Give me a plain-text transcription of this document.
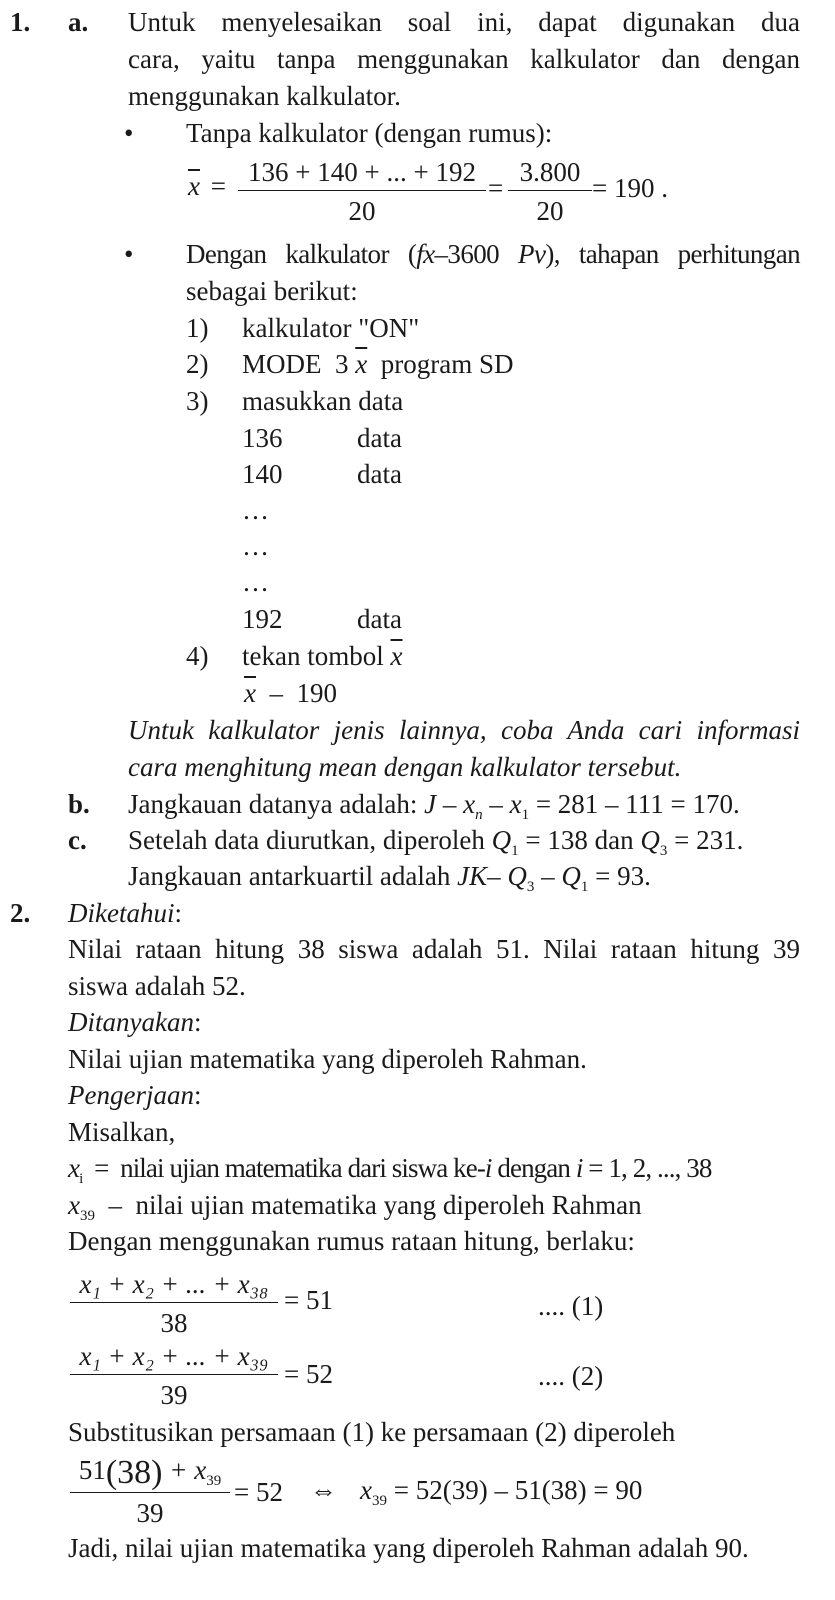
1. a. Untuk menyelesaikan soal ini, dapat digunakan dua
cara, yaitu tanpa menggunakan kalkulator dan dengan
menggunakan kalkulator.
• Tanpa kalkulator (dengan rumus):
$\overline{x} = \frac{136 + 140 + ... + 192}{20} = \frac{3.800}{20} = 190$ .
• Dengan kalkulator (fx–3600 Pv), tahapan perhitungan
sebagai berikut:
1) kalkulator "ON"
2) MODE  3 $\overline{x}$  program SD
3) masukkan data
136	data
140	data
…
…
…
192	data
4) tekan tombol $\overline{x}$
$\overline{x} - 190$
Untuk kalkulator jenis lainnya, coba Anda cari informasi
cara menghitung mean dengan kalkulator tersebut.
b. Jangkauan datanya adalah: $J - x_n - x_1 = 281 - 111 = 170$.
c. Setelah data diurutkan, diperoleh $Q_1 = 138$ dan $Q_3 = 231$.
Jangkauan antarkuartil adalah JK– $Q_3 - Q_1 = 93$.
2. Diketahui:
Nilai rataan hitung 38 siswa adalah 51. Nilai rataan hitung 39
siswa adalah 52.
Ditanyakan:
Nilai ujian matematika yang diperoleh Rahman.
Pengerjaan:
Misalkan,
$x_i$  =  nilai ujian matematika dari siswa ke-i dengan i = 1, 2, ..., 38
$x_{39}$  –  nilai ujian matematika yang diperoleh Rahman
Dengan menggunakan rumus rataan hitung, berlaku:
$\frac{\text{x₁ + x₂ + ... + x₃₈}}{38} = 51$	.... (1)
$\frac{\text{x₁ + x₂ + ... + x₃₉}}{39} = 52$	.... (2)
Substitusikan persamaan (1) ke persamaan (2) diperoleh
$\frac{51(38) + x_{39}}{39} = 52$ ⇔ $x_{39} = 52(39) - 51(38) = 90$
Jadi, nilai ujian matematika yang diperoleh Rahman adalah 90.
